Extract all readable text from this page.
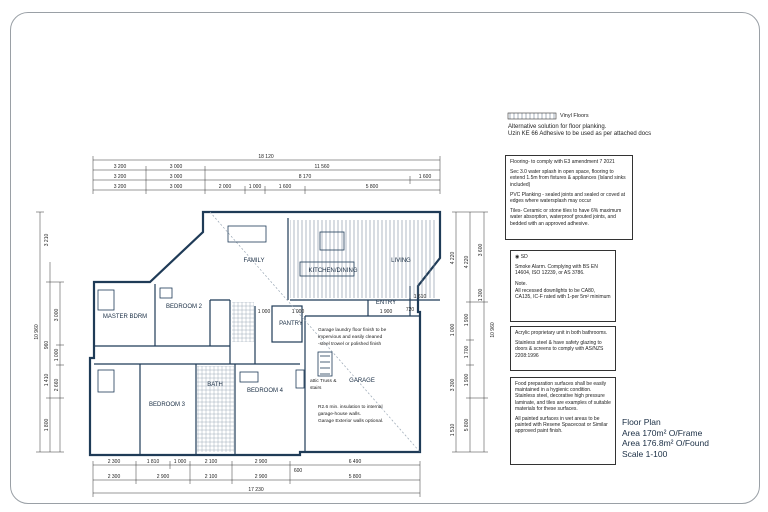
18 120
3 200	3 000	11 560
3 200	3 000	8 170	1 600
3 200	3 000	2 000	1 000	1 600	5 800
2 300	1 810	1 000	2 100	2 900	6 490
2 300	2 900	2 100	2 900	5 800
600
17 230
1 000
1 000
1 610
1 900	720
10 960
3 210
3 000
1 000
960
1 410 2 660
1 800
1 000
4 220
3 300
1 510
4 220
1 900
1 700
1 900
5 800
3 600
1 300
10 960
FAMILY
KITCHEN/DINING
LIVING
MASTER BDRM
BEDROOM 2
BEDROOM 3
BEDROOM 4
BATH
PANTRY
ENTRY
GARAGE
Garage laundry floor finish to be
impervious and easily cleaned
-steel trowel or polished finish
attic Truss &
stairs
R2.6 min. insulation to internal
garage-house walls.
Garage Exterior walls optional.
Vinyl Floors
Alternative solution for floor planking.
Uzin KE 66 Adhesive to be used as per attached docs

Flooring- to comply with E3 amendment 7 2021

Sec 3.0 water splash in open space, flooring to extend 1.5m from fixtures & appliances (Island sinks included)

PVC Planking - sealed joints and sealed or coved at edges where watersplash may occur

Tiles- Ceramic or stone tiles to have 6% maximum water absorption, waterproof grouted joints, and bedded with an approved adhesive.

◉ SD

Smoke Alarm. Complying with BS EN 14604, ISO 12239, or AS 3786.

Note.

All recessed downlights to be CA80, CA135, IC-F rated with 1-per 5m² minimum

Acrylic proprietary unit in both bathrooms.

Stainless steel & have safety glazing to doors & screens to comply with AS/NZS 2208:1996

Food preparation surfaces shall be easily maintained in a hygienic condition. Stainless steel, decorative high pressure laminate, and tiles are examples of suitable materials for these surfaces.

All painted surfaces in wet areas to be painted with Resene Spacecoat or Similar approved paint finish.

Floor Plan
Area 170m² O/Frame
Area 176.8m² O/Found
Scale 1-100
